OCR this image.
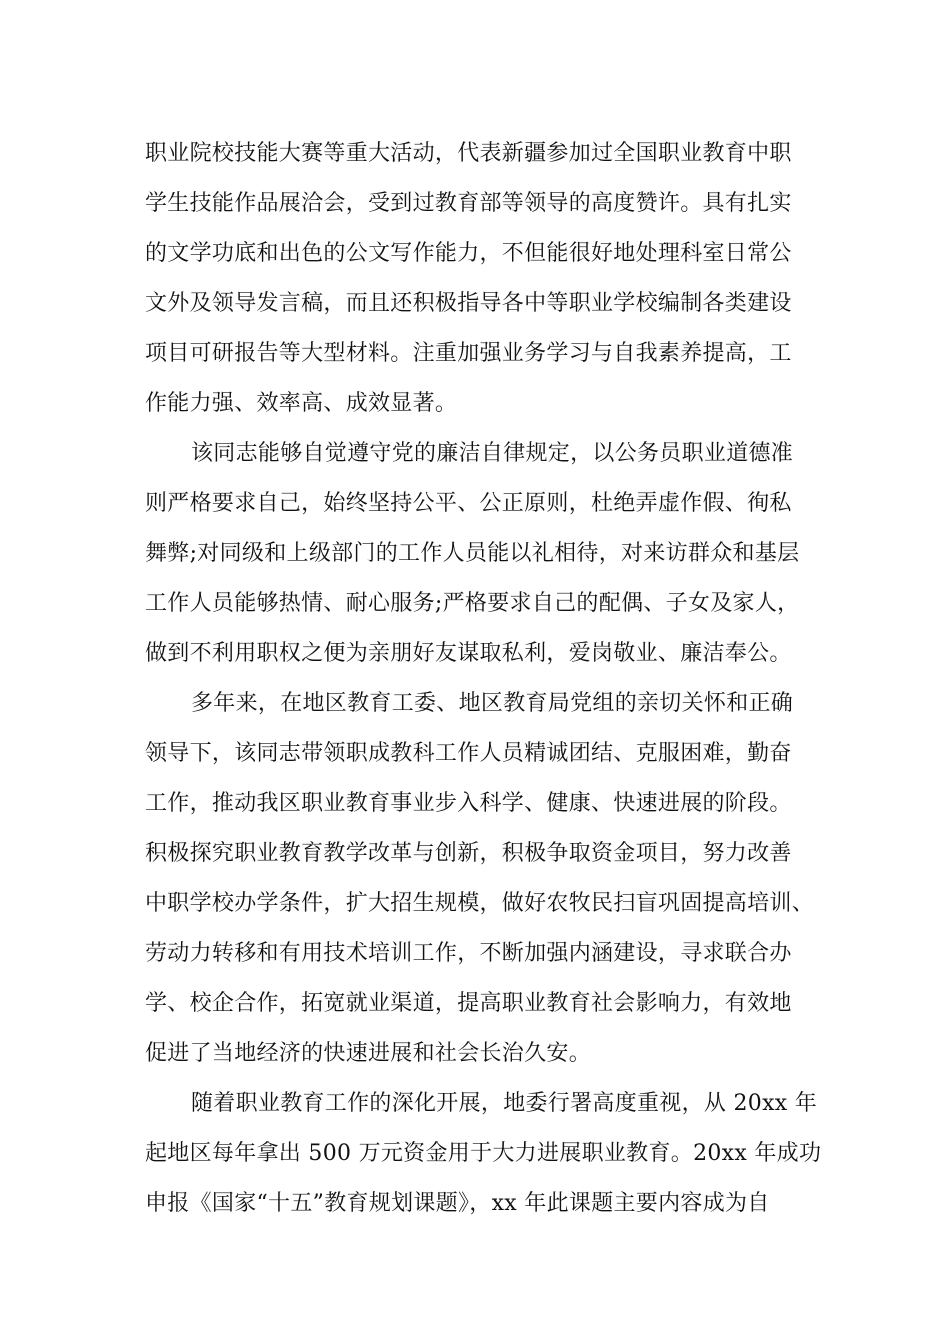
职业院校技能大赛等重大活动，代表新疆参加过全国职业教育中职
学生技能作品展洽会，受到过教育部等领导的高度赞许。具有扎实
的文学功底和出色的公文写作能力，不但能很好地处理科室日常公
文外及领导发言稿，而且还积极指导各中等职业学校编制各类建设
项目可研报告等大型材料。注重加强业务学习与自我素养提高，工
作能力强、效率高、成效显著。
该同志能够自觉遵守党的廉洁自律规定，以公务员职业道德准
则严格要求自己，始终坚持公平、公正原则，杜绝弄虚作假、徇私
舞弊;对同级和上级部门的工作人员能以礼相待，对来访群众和基层
工作人员能够热情、耐心服务;严格要求自己的配偶、子女及家人，
做到不利用职权之便为亲朋好友谋取私利，爱岗敬业、廉洁奉公。
多年来，在地区教育工委、地区教育局党组的亲切关怀和正确
领导下，该同志带领职成教科工作人员精诚团结、克服困难，勤奋
工作，推动我区职业教育事业步入科学、健康、快速进展的阶段。
积极探究职业教育教学改革与创新，积极争取资金项目，努力改善
中职学校办学条件，扩大招生规模，做好农牧民扫盲巩固提高培训、
劳动力转移和有用技术培训工作，不断加强内涵建设，寻求联合办
学、校企合作，拓宽就业渠道，提高职业教育社会影响力，有效地
促进了当地经济的快速进展和社会长治久安。
随着职业教育工作的深化开展，地委行署高度重视，从 20xx 年
起地区每年拿出 500 万元资金用于大力进展职业教育。20xx 年成功
申报《国家“十五”教育规划课题》，xx 年此课题主要内容成为自
